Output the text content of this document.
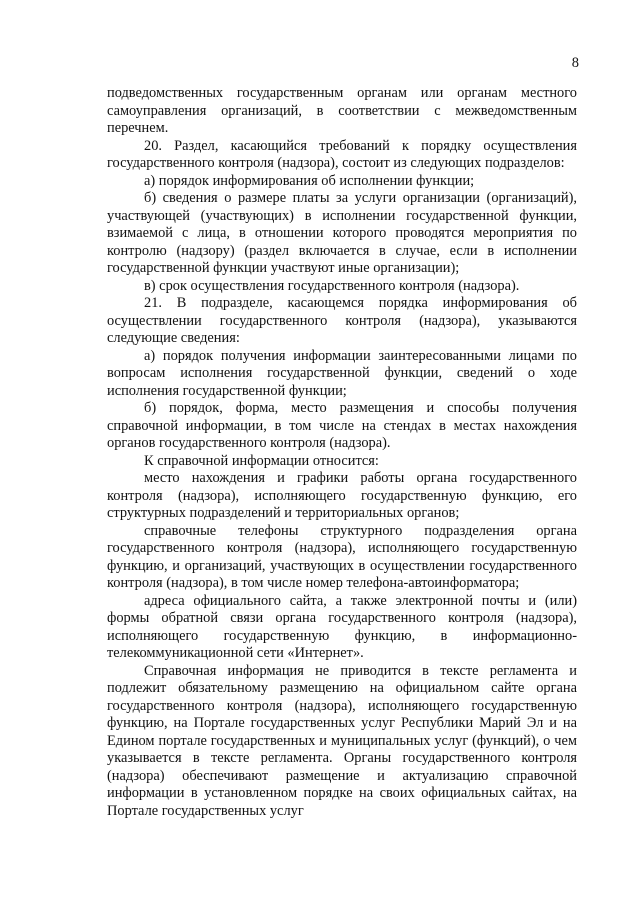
8

подведомственных государственным органам или органам местного самоуправления организаций, в соответствии с межведомственным перечнем.

20. Раздел, касающийся требований к порядку осуществления государственного контроля (надзора), состоит из следующих подразделов:

а) порядок информирования об исполнении функции;

б) сведения о размере платы за услуги организации (организаций), участвующей (участвующих) в исполнении государственной функции, взимаемой с лица, в отношении которого проводятся мероприятия по контролю (надзору) (раздел включается в случае, если в исполнении государственной функции участвуют иные организации);

в) срок осуществления государственного контроля (надзора).

21. В подразделе, касающемся порядка информирования об осуществлении государственного контроля (надзора), указываются следующие сведения:

а) порядок получения информации заинтересованными лицами по вопросам исполнения государственной функции, сведений о ходе исполнения государственной функции;

б) порядок, форма, место размещения и способы получения справочной информации, в том числе на стендах в местах нахождения органов государственного контроля (надзора).

К справочной информации относится:

место нахождения и графики работы органа государственного контроля (надзора), исполняющего государственную функцию, его структурных подразделений и территориальных органов;

справочные телефоны структурного подразделения органа государственного контроля (надзора), исполняющего государственную функцию, и организаций, участвующих в осуществлении государственного контроля (надзора), в том числе номер телефона-автоинформатора;

адреса официального сайта, а также электронной почты и (или) формы обратной связи органа государственного контроля (надзора), исполняющего государственную функцию, в информационно-телекоммуникационной сети «Интернет».

Справочная информация не приводится в тексте регламента и подлежит обязательному размещению на официальном сайте органа государственного контроля (надзора), исполняющего государственную функцию, на Портале государственных услуг Республики Марий Эл и на Едином портале государственных и муниципальных услуг (функций), о чем указывается в тексте регламента. Органы государственного контроля (надзора) обеспечивают размещение и актуализацию справочной информации в установленном порядке на своих официальных сайтах, на Портале государственных услуг
